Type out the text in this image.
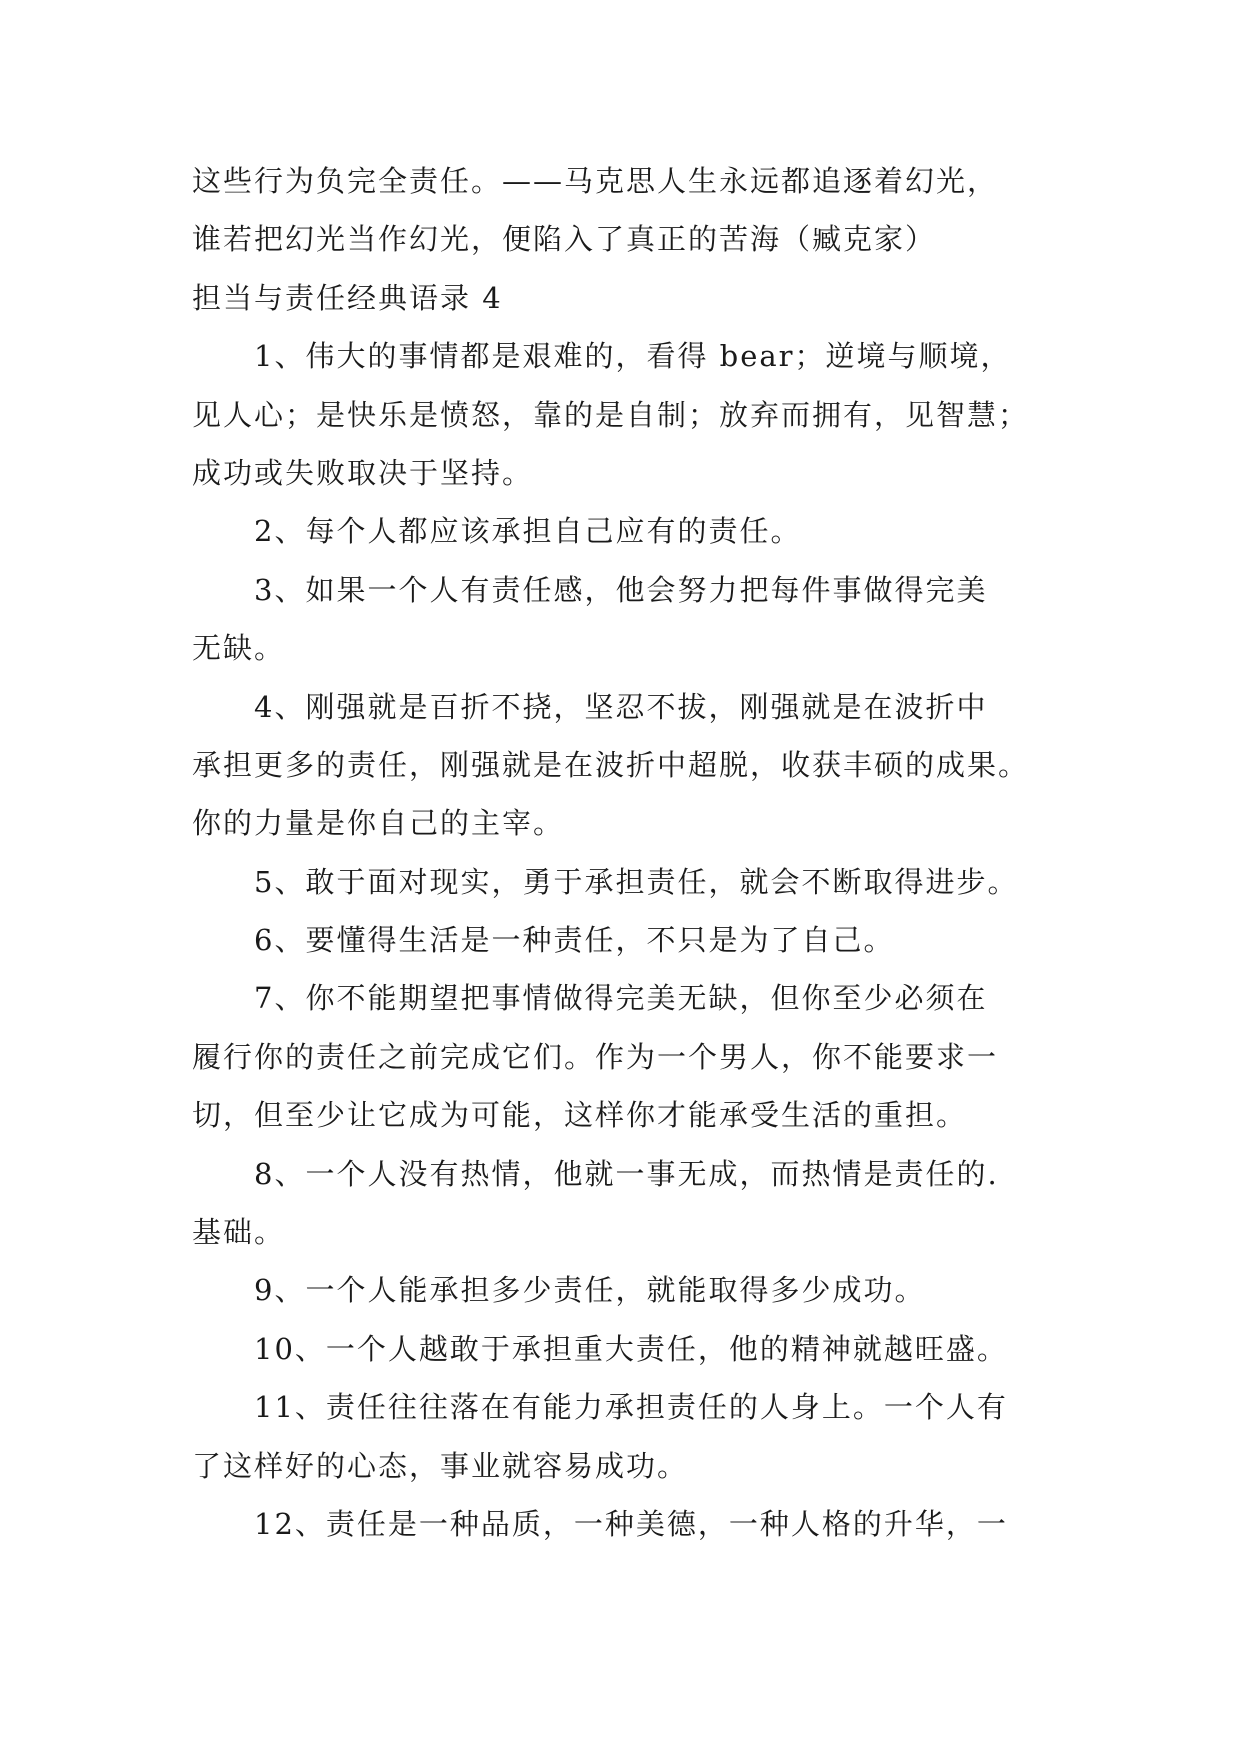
这些行为负完全责任。——马克思人生永远都追逐着幻光，
谁若把幻光当作幻光，便陷入了真正的苦海（臧克家）
担当与责任经典语录 4
1、伟大的事情都是艰难的，看得 bear；逆境与顺境，
见人心；是快乐是愤怒，靠的是自制；放弃而拥有，见智慧；
成功或失败取决于坚持。
2、每个人都应该承担自己应有的责任。
3、如果一个人有责任感，他会努力把每件事做得完美
无缺。
4、刚强就是百折不挠，坚忍不拔，刚强就是在波折中
承担更多的责任，刚强就是在波折中超脱，收获丰硕的成果。
你的力量是你自己的主宰。
5、敢于面对现实，勇于承担责任，就会不断取得进步。
6、要懂得生活是一种责任，不只是为了自己。
7、你不能期望把事情做得完美无缺，但你至少必须在
履行你的责任之前完成它们。作为一个男人，你不能要求一
切，但至少让它成为可能，这样你才能承受生活的重担。
8、一个人没有热情，他就一事无成，而热情是责任的.
基础。
9、一个人能承担多少责任，就能取得多少成功。
10、一个人越敢于承担重大责任，他的精神就越旺盛。
11、责任往往落在有能力承担责任的人身上。一个人有
了这样好的心态，事业就容易成功。
12、责任是一种品质，一种美德，一种人格的升华，一
